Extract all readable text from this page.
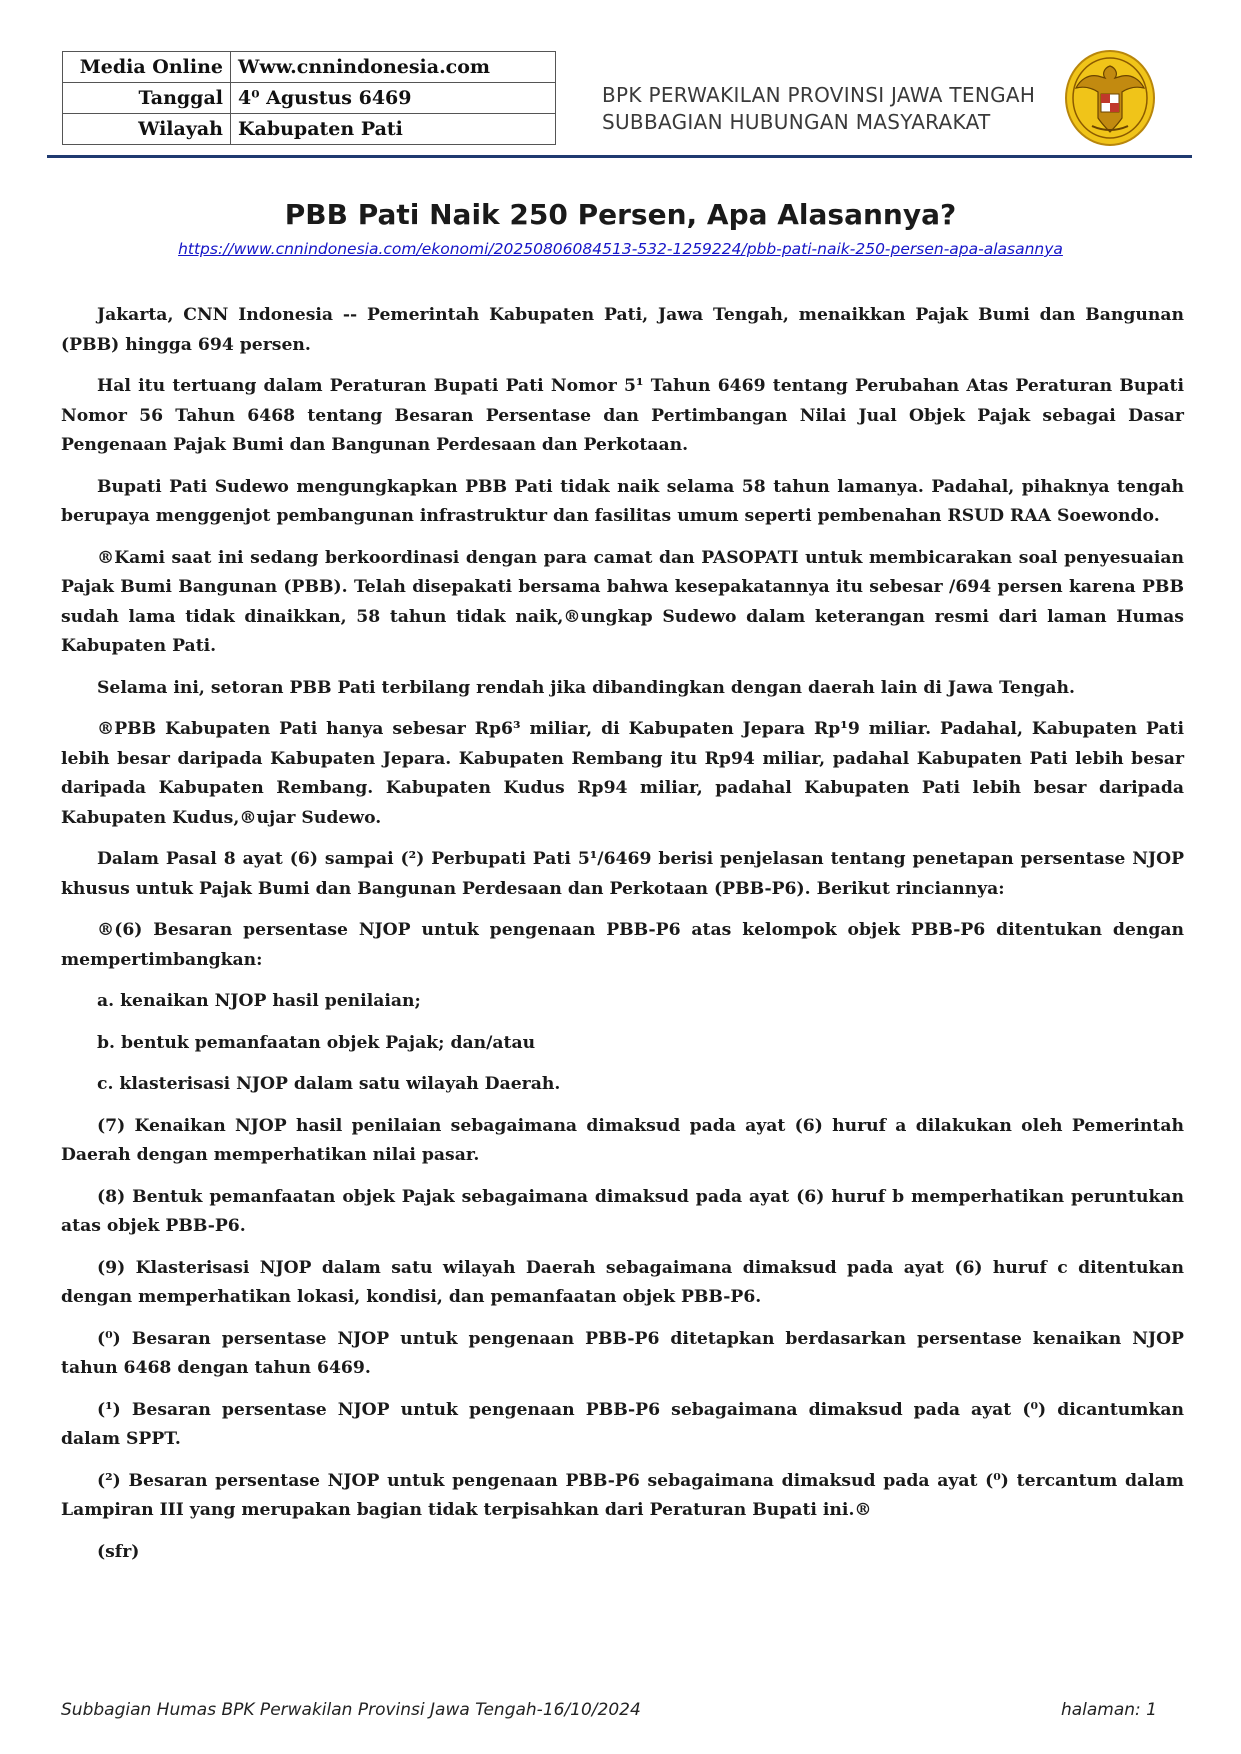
Media Online	Www.cnnindonesia.com
Tanggal	4⁰ Agustus 6469
Wilayah	Kabupaten Pati
BPK PERWAKILAN PROVINSI JAWA TENGAH
SUBBAGIAN HUBUNGAN MASYARAKAT
PBB Pati Naik 250 Persen, Apa Alasannya?
https://www.cnnindonesia.com/ekonomi/20250806084513-532-1259224/pbb-pati-naik-250-persen-apa-alasannya

Jakarta, CNN Indonesia -- Pemerintah Kabupaten Pati, Jawa Tengah, menaikkan Pajak Bumi dan Bangunan (PBB) hingga 694 persen.

Hal itu tertuang dalam Peraturan Bupati Pati Nomor 5¹ Tahun 6469 tentang Perubahan Atas Peraturan Bupati Nomor 56 Tahun 6468 tentang Besaran Persentase dan Pertimbangan Nilai Jual Objek Pajak sebagai Dasar Pengenaan Pajak Bumi dan Bangunan Perdesaan dan Perkotaan.

Bupati Pati Sudewo mengungkapkan PBB Pati tidak naik selama 58 tahun lamanya. Padahal, pihaknya tengah berupaya menggenjot pembangunan infrastruktur dan fasilitas umum seperti pembenahan RSUD RAA Soewondo.

®Kami saat ini sedang berkoordinasi dengan para camat dan PASOPATI untuk membicarakan soal penyesuaian Pajak Bumi Bangunan (PBB). Telah disepakati bersama bahwa kesepakatannya itu sebesar /694 persen karena PBB sudah lama tidak dinaikkan, 58 tahun tidak naik,®ungkap Sudewo dalam keterangan resmi dari laman Humas Kabupaten Pati.

Selama ini, setoran PBB Pati terbilang rendah jika dibandingkan dengan daerah lain di Jawa Tengah.

®PBB Kabupaten Pati hanya sebesar Rp6³ miliar, di Kabupaten Jepara Rp¹9 miliar. Padahal, Kabupaten Pati lebih besar daripada Kabupaten Jepara. Kabupaten Rembang itu Rp94 miliar, padahal Kabupaten Pati lebih besar daripada Kabupaten Rembang. Kabupaten Kudus Rp94 miliar, padahal Kabupaten Pati lebih besar daripada Kabupaten Kudus,®ujar Sudewo.

Dalam Pasal 8 ayat (6) sampai (²) Perbupati Pati 5¹/6469 berisi penjelasan tentang penetapan persentase NJOP khusus untuk Pajak Bumi dan Bangunan Perdesaan dan Perkotaan (PBB-P6). Berikut rinciannya:

®(6) Besaran persentase NJOP untuk pengenaan PBB-P6 atas kelompok objek PBB-P6 ditentukan dengan mempertimbangkan:

a. kenaikan NJOP hasil penilaian;

b. bentuk pemanfaatan objek Pajak; dan/atau

c. klasterisasi NJOP dalam satu wilayah Daerah.

(7) Kenaikan NJOP hasil penilaian sebagaimana dimaksud pada ayat (6) huruf a dilakukan oleh Pemerintah Daerah dengan memperhatikan nilai pasar.

(8) Bentuk pemanfaatan objek Pajak sebagaimana dimaksud pada ayat (6) huruf b memperhatikan peruntukan atas objek PBB-P6.

(9) Klasterisasi NJOP dalam satu wilayah Daerah sebagaimana dimaksud pada ayat (6) huruf c ditentukan dengan memperhatikan lokasi, kondisi, dan pemanfaatan objek PBB-P6.

(⁰) Besaran persentase NJOP untuk pengenaan PBB-P6 ditetapkan berdasarkan persentase kenaikan NJOP tahun 6468 dengan tahun 6469.

(¹) Besaran persentase NJOP untuk pengenaan PBB-P6 sebagaimana dimaksud pada ayat (⁰) dicantumkan dalam SPPT.

(²) Besaran persentase NJOP untuk pengenaan PBB-P6 sebagaimana dimaksud pada ayat (⁰) tercantum dalam Lampiran III yang merupakan bagian tidak terpisahkan dari Peraturan Bupati ini.®

(sfr)

Subbagian Humas BPK Perwakilan Provinsi Jawa Tengah-16/10/2024	halaman: 1
